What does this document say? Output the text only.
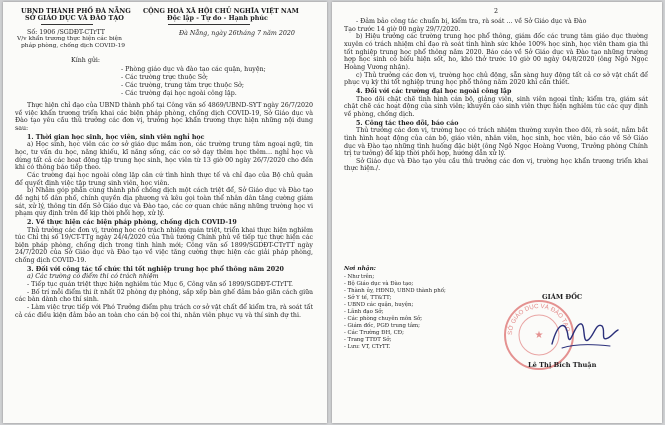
UBND THÀNH PHỐ ĐÀ NẴNG
SỞ GIÁO DỤC VÀ ĐÀO TẠO
CỘNG HOÀ XÃ HỘI CHỦ NGHĨA VIỆT NAM
Độc lập - Tự do - Hạnh phúc
Số: 1906 /SGDĐT-CTrTT
V/v khẩn trương thực hiện các biện
pháp phòng, chống dịch COVID-19
Đà Nẵng, ngày 26tháng 7 năm 2020
Kính gửi:
- Phòng giáo dục và đào tạo các quận, huyện;
- Các trường trực thuộc Sở;
- Các trường, trung tâm trực thuộc Sở;
- Các trường đại học ngoài công lập.

Thực hiện chỉ đạo của UBND thành phố tại Công văn số 4869/UBND-SYT ngày 26/7/2020 về việc khẩn trương triển khai các biện pháp phòng, chống dịch COVID-19, Sở Giáo dục và Đào tạo yêu cầu thủ trưởng các đơn vị, trường học khẩn trương thực hiện những nội dung sau:

1. Thời gian học sinh, học viên, sinh viên nghỉ học

a) Học sinh, học viên các cơ sở giáo dục mầm non, các trường trung tâm ngoại ngữ, tin học, tư vấn du học, năng khiếu, kĩ năng sống, các cơ sở dạy thêm học thêm… nghỉ học và dừng tất cả các hoạt động tập trung học sinh, học viên từ 13 giờ 00 ngày 26/7/2020 cho đến khi có thông báo tiếp theo.

Các trường đại học ngoài công lập căn cứ tình hình thực tế và chỉ đạo của Bộ chủ quản để quyết định việc tập trung sinh viên, học viên.

b) Nhằm góp phần cùng thành phố chống dịch một cách triệt để, Sở Giáo dục và Đào tạo đề nghị tổ dân phố, chính quyền địa phương và kêu gọi toàn thể nhân dân tăng cường giám sát, xử lý, thông tin đến Sở Giáo dục và Đào tạo, các cơ quan chức năng những trường học vi phạm quy định trên để kịp thời phối hợp, xử lý.

2. Về thực hiện các biện pháp phòng, chống dịch COVID-19

Thủ trưởng các đơn vị, trường học có trách nhiệm quán triệt, triển khai thực hiện nghiêm túc Chỉ thị số 19/CT-TTg ngày 24/4/2020 của Thủ tướng Chính phủ về tiếp tục thực hiện các biện pháp phòng, chống dịch trong tình hình mới; Công văn số 1899/SGDĐT-CTrTT ngày 24/7/2020 của Sở Giáo dục và Đào tạo về việc tăng cường thực hiện các giải pháp phòng, chống dịch COVID-19.

3. Đối với công tác tổ chức thi tốt nghiệp trung học phổ thông năm 2020

a) Các trường có điểm thi có trách nhiệm

- Tiếp tục quán triệt thực hiện nghiêm túc Mục 6, Công văn số 1899/SGDĐT-CTrTT.

- Bố trí mỗi điểm thi ít nhất 02 phòng dự phòng, sắp xếp bàn ghế đảm bảo giãn cách giữa các bàn dành cho thí sinh.

- Làm việc trực tiếp với Phó Trưởng điểm phụ trách cơ sở vật chất để kiểm tra, rà soát tất cả các điều kiện đảm bảo an toàn cho cán bộ coi thi, nhân viên phục vụ và thí sinh dự thi.

2

- Đảm bảo công tác chuẩn bị, kiểm tra, rà soát … về Sở Giáo dục và Đào

Tạo trước 14 giờ 00 ngày 29/7/2020.

b) Hiệu trưởng các trường trung học phổ thông, giám đốc các trung tâm giáo dục thường xuyên có trách nhiệm chỉ đạo rà soát tình hình sức khỏe 100% học sinh, học viên tham gia thi tốt nghiệp trung học phổ thông năm 2020. Báo cáo về Sở Giáo dục và Đào tạo những trường hợp học sinh có biểu hiện sốt, ho, khó thở trước 10 giờ 00 ngày 04/8/2020 (ông Ngô Ngọc Hoàng Vương nhận).

c) Thủ trưởng các đơn vị, trường học chủ động, sẵn sàng huy động tất cả cơ sở vật chất để phục vụ kỳ thi tốt nghiệp trung học phổ thông năm 2020 khi cần thiết.

4. Đối với các trường đại học ngoài công lập

Theo dõi chặt chẽ tình hình cán bộ, giảng viên, sinh viên ngoại tỉnh; kiểm tra, giám sát chặt chẽ các hoạt động của sinh viên; khuyến cáo sinh viên thực hiện nghiêm túc các quy định về phòng, chống dịch.

5. Công tác theo dõi, báo cáo

Thủ trưởng các đơn vị, trường học có trách nhiệm thường xuyên theo dõi, rà soát, nắm bắt tình hình hoạt động của cán bộ, giáo viên, nhân viên, học sinh, học viên, báo cáo về Sở Giáo dục và Đào tạo những tình huống đặc biệt (ông Ngô Ngọc Hoàng Vương, Trưởng phòng Chính trị tư tưởng) để kịp thời phối hợp, hướng dẫn xử lý.

Sở Giáo dục và Đào tạo yêu cầu thủ trưởng các đơn vị, trường học khẩn trương triển khai thực hiện./.

Nơi nhận:
- Như trên;
- Bộ Giáo dục và Đào tạo;
- Thành ủy, HĐND, UBND thành phố;
- Sở Y tế, TT&TT;
- UBND các quận, huyện;
- Lãnh đạo Sở;
- Các phòng chuyên môn Sở;
- Giám đốc, PGĐ trung tâm;
- Các Trường ĐH, CĐ;
- Trang TTĐT Sở;
- Lưu: VT, CTrTT.
GIÁM ĐỐC
SỞ GIÁO DỤC VÀ ĐÀO TẠO
★
Lê Thị Bích Thuận
